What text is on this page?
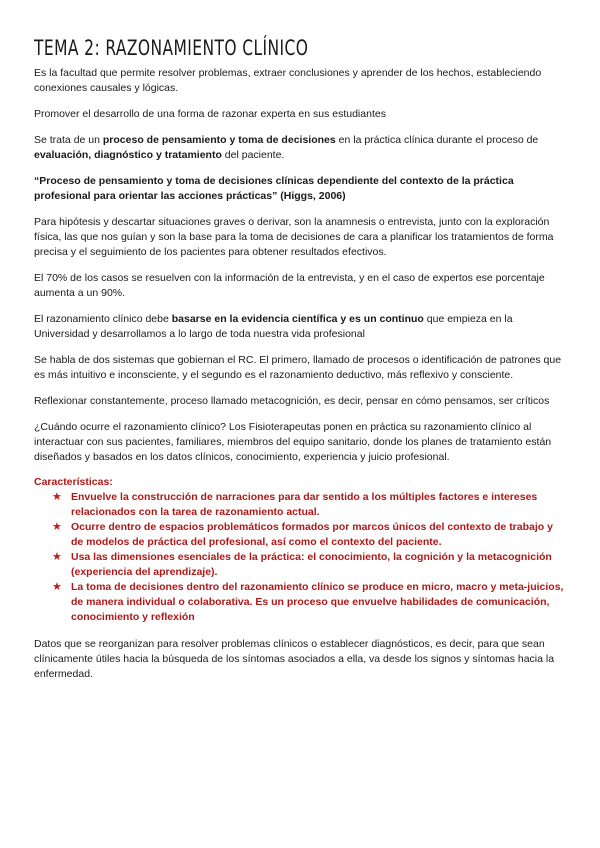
TEMA 2: RAZONAMIENTO CLÍNICO

Es la facultad que permite resolver problemas, extraer conclusiones y aprender de los hechos, estableciendo conexiones causales y lógicas.

Promover el desarrollo de una forma de razonar experta en sus estudiantes

Se trata de un proceso de pensamiento y toma de decisiones en la práctica clínica durante el proceso de evaluación, diagnóstico y tratamiento del paciente.

“Proceso de pensamiento y toma de decisiones clínicas dependiente del contexto de la práctica profesional para orientar las acciones prácticas” (Higgs, 2006)

Para hipótesis y descartar situaciones graves o derivar, son la anamnesis o entrevista, junto con la exploración física, las que nos guían y son la base para la toma de decisiones de cara a planificar los tratamientos de forma precisa y el seguimiento de los pacientes para obtener resultados efectivos.

El 70% de los casos se resuelven con la información de la entrevista, y en el caso de expertos ese porcentaje aumenta a un 90%.

El razonamiento clínico debe basarse en la evidencia científica y es un continuo que empieza en la Universidad y desarrollamos a lo largo de toda nuestra vida profesional

Se habla de dos sistemas que gobiernan el RC. El primero, llamado de procesos o identificación de patrones que es más intuitivo e inconsciente, y el segundo es el razonamiento deductivo, más reflexivo y consciente.

Reflexionar constantemente, proceso llamado metacognición, es decir, pensar en cómo pensamos, ser críticos

¿Cuándo ocurre el razonamiento clínico? Los Fisioterapeutas ponen en práctica su razonamiento clínico al interactuar con sus pacientes, familiares, miembros del equipo sanitario, donde los planes de tratamiento están diseñados y basados en los datos clínicos, conocimiento, experiencia y juicio profesional.

Características:
★ Envuelve la construcción de narraciones para dar sentido a los múltiples factores e intereses relacionados con la tarea de razonamiento actual.
★ Ocurre dentro de espacios problemáticos formados por marcos únicos del contexto de trabajo y de modelos de práctica del profesional, así como el contexto del paciente.
★ Usa las dimensiones esenciales de la práctica: el conocimiento, la cognición y la metacognición (experiencia del aprendizaje).
★ La toma de decisiones dentro del razonamiento clínico se produce en micro, macro y meta-juicios, de manera individual o colaborativa. Es un proceso que envuelve habilidades de comunicación, conocimiento y reflexión

Datos que se reorganizan para resolver problemas clínicos o establecer diagnósticos, es decir, para que sean clínicamente útiles hacia la búsqueda de los síntomas asociados a ella, va desde los signos y síntomas hacia la enfermedad.
